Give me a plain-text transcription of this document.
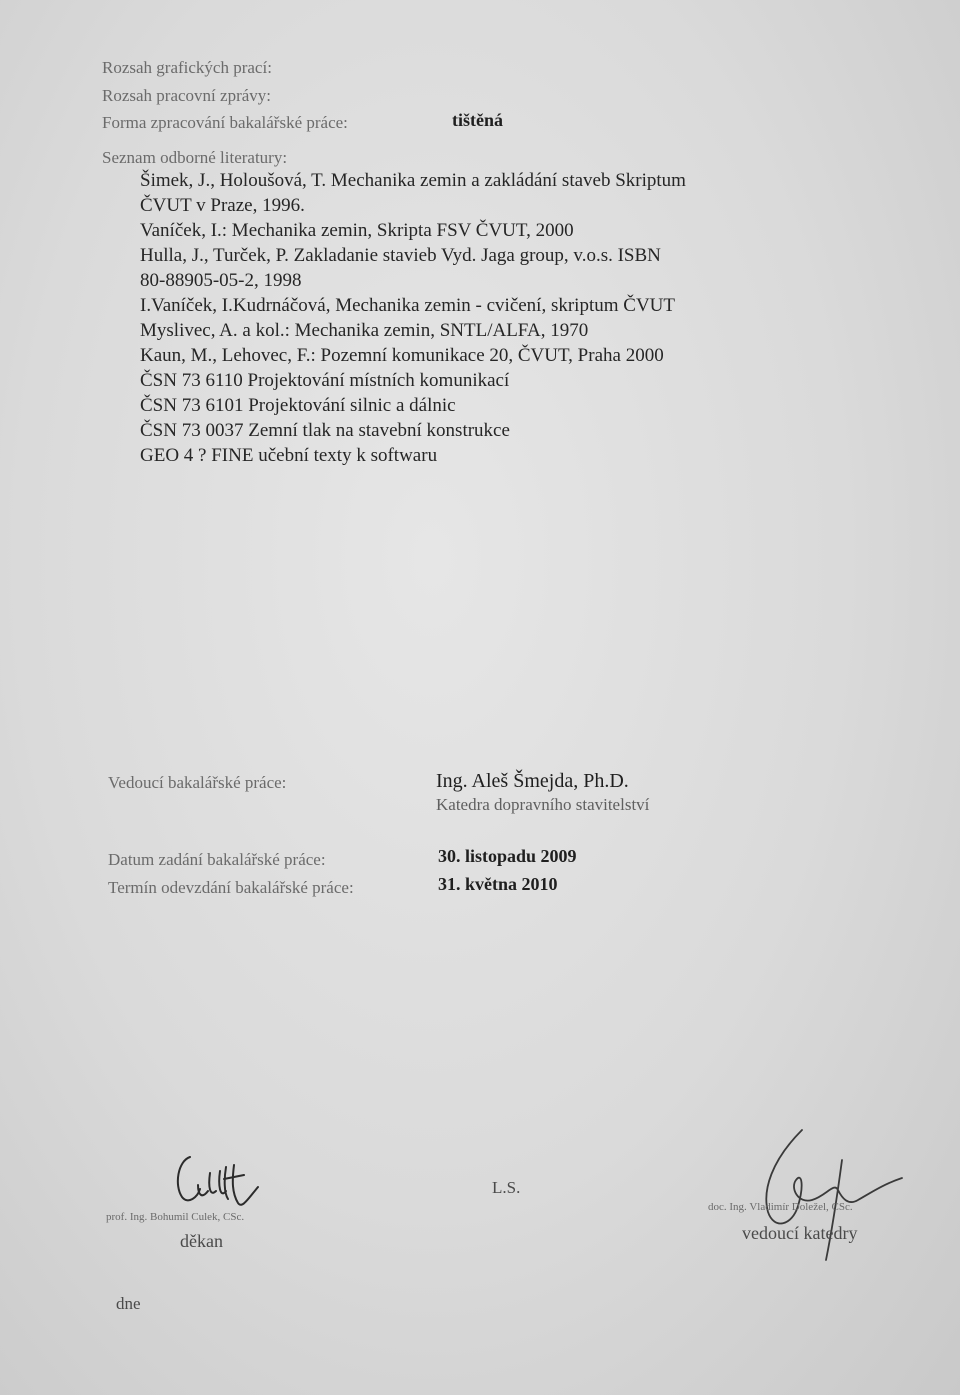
Rozsah grafických prací:
Rozsah pracovní zprávy:
Forma zpracování bakalářské práce:	tištěná
Seznam odborné literatury:
Šimek, J., Holoušová, T. Mechanika zemin a zakládání staveb Skriptum
ČVUT v Praze, 1996.
Vaníček, I.: Mechanika zemin, Skripta FSV ČVUT, 2000
Hulla, J., Turček, P. Zakladanie stavieb Vyd. Jaga group, v.o.s. ISBN
80-88905-05-2, 1998
I.Vaníček, I.Kudrnáčová, Mechanika zemin - cvičení, skriptum ČVUT
Myslivec, A. a kol.: Mechanika zemin, SNTL/ALFA, 1970
Kaun, M., Lehovec, F.: Pozemní komunikace 20, ČVUT, Praha 2000
ČSN 73 6110 Projektování místních komunikací
ČSN 73 6101 Projektování silnic a dálnic
ČSN 73 0037 Zemní tlak na stavební konstrukce
GEO 4 ? FINE učební texty k softwaru
Vedoucí bakalářské práce:	Ing. Aleš Šmejda, Ph.D.
Katedra dopravního stavitelství
Datum zadání bakalářské práce:	30. listopadu 2009
Termín odevzdání bakalářské práce:	31. května 2010
prof. Ing. Bohumil Culek, CSc.
děkan
L.S.
doc. Ing. Vladimír Doležel, CSc.
vedoucí katedry
dne
